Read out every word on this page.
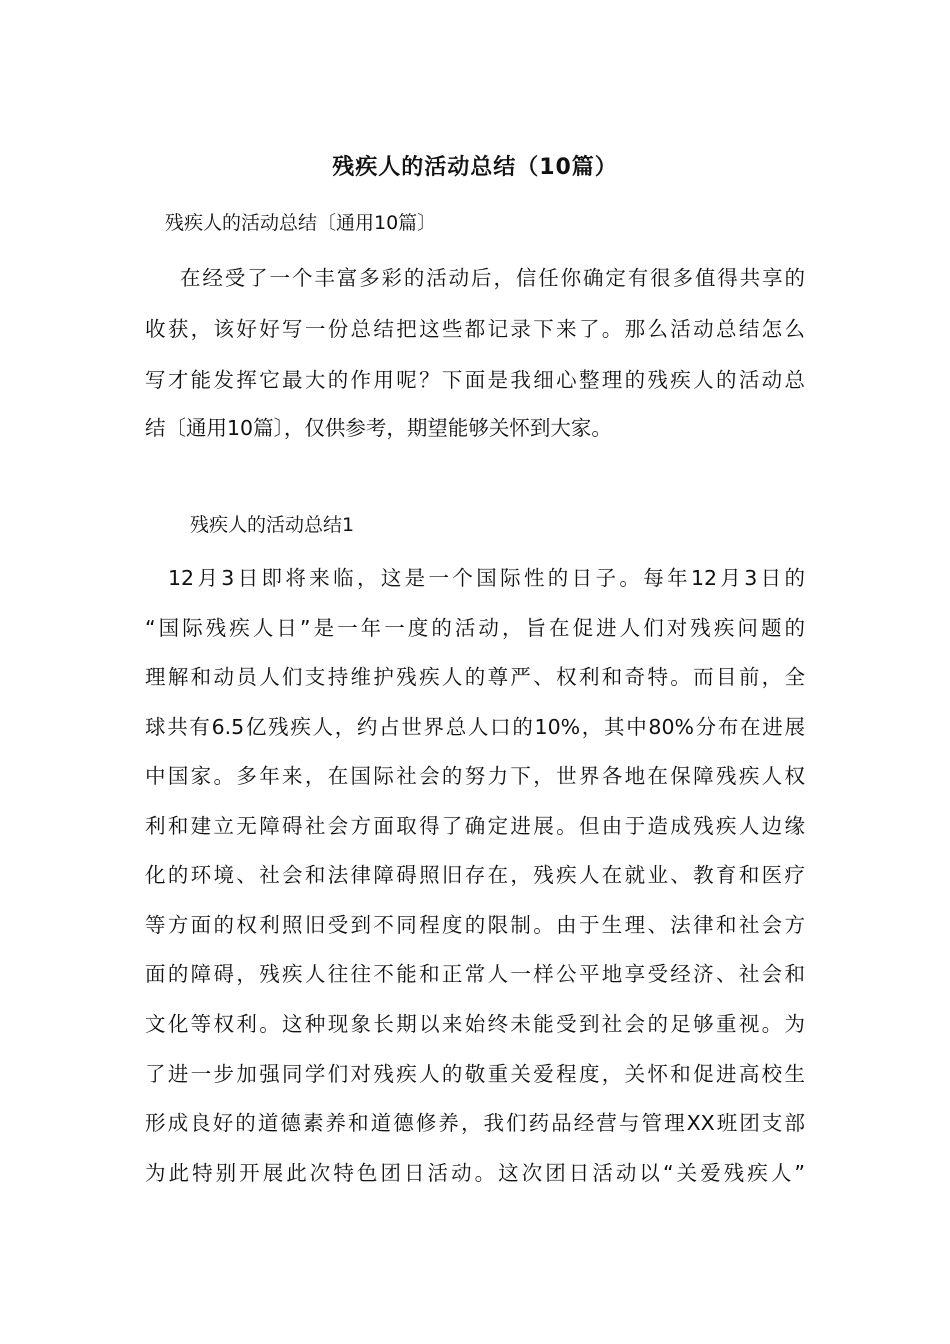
残疾人的活动总结（10篇）
残疾人的活动总结〔通用10篇〕
在经受了一个丰富多彩的活动后，信任你确定有很多值得共享的
收获，该好好写一份总结把这些都记录下来了。那么活动总结怎么
写才能发挥它最大的作用呢？下面是我细心整理的残疾人的活动总
结〔通用10篇〕，仅供参考，期望能够关怀到大家。
残疾人的活动总结1
12月3日即将来临，这是一个国际性的日子。每年12月3日的
“国际残疾人日”是一年一度的活动，旨在促进人们对残疾问题的
理解和动员人们支持维护残疾人的尊严、权利和奇特。而目前，全
球共有6.5亿残疾人，约占世界总人口的10%，其中80%分布在进展
中国家。多年来，在国际社会的努力下，世界各地在保障残疾人权
利和建立无障碍社会方面取得了确定进展。但由于造成残疾人边缘
化的环境、社会和法律障碍照旧存在，残疾人在就业、教育和医疗
等方面的权利照旧受到不同程度的限制。由于生理、法律和社会方
面的障碍，残疾人往往不能和正常人一样公平地享受经济、社会和
文化等权利。这种现象长期以来始终未能受到社会的足够重视。为
了进一步加强同学们对残疾人的敬重关爱程度，关怀和促进高校生
形成良好的道德素养和道德修养，我们药品经营与管理XX班团支部
为此特别开展此次特色团日活动。这次团日活动以“关爱残疾人”
